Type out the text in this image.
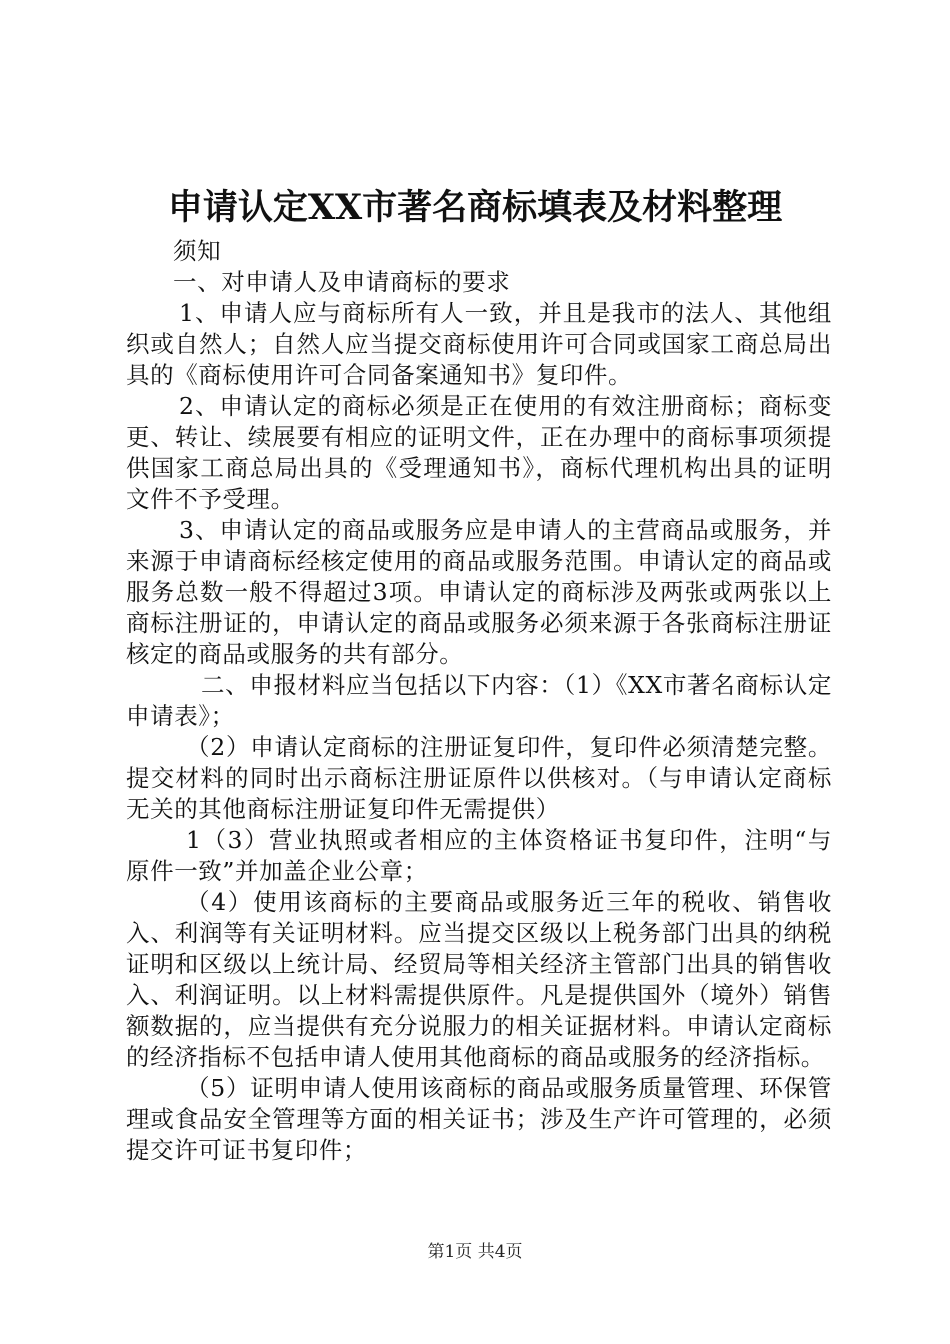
申请认定XX市著名商标填表及材料整理

须知

一、对申请人及申请商标的要求

1、申请人应与商标所有人一致，并且是我市的法人、其他组织或自然人；自然人应当提交商标使用许可合同或国家工商总局出具的《商标使用许可合同备案通知书》复印件。

2、申请认定的商标必须是正在使用的有效注册商标；商标变更、转让、续展要有相应的证明文件，正在办理中的商标事项须提供国家工商总局出具的《受理通知书》，商标代理机构出具的证明文件不予受理。

3、申请认定的商品或服务应是申请人的主营商品或服务，并来源于申请商标经核定使用的商品或服务范围。申请认定的商品或服务总数一般不得超过3项。申请认定的商标涉及两张或两张以上商标注册证的，申请认定的商品或服务必须来源于各张商标注册证核定的商品或服务的共有部分。

二、申报材料应当包括以下内容：（1）《XX市著名商标认定申请表》；

（2）申请认定商标的注册证复印件，复印件必须清楚完整。提交材料的同时出示商标注册证原件以供核对。（与申请认定商标无关的其他商标注册证复印件无需提供）

1（3）营业执照或者相应的主体资格证书复印件，注明“与原件一致”并加盖企业公章；

（4）使用该商标的主要商品或服务近三年的税收、销售收入、利润等有关证明材料。应当提交区级以上税务部门出具的纳税证明和区级以上统计局、经贸局等相关经济主管部门出具的销售收入、利润证明。以上材料需提供原件。凡是提供国外（境外）销售额数据的，应当提供有充分说服力的相关证据材料。申请认定商标的经济指标不包括申请人使用其他商标的商品或服务的经济指标。

（5）证明申请人使用该商标的商品或服务质量管理、环保管理或食品安全管理等方面的相关证书；涉及生产许可管理的，必须提交许可证书复印件；

第1页 共4页
